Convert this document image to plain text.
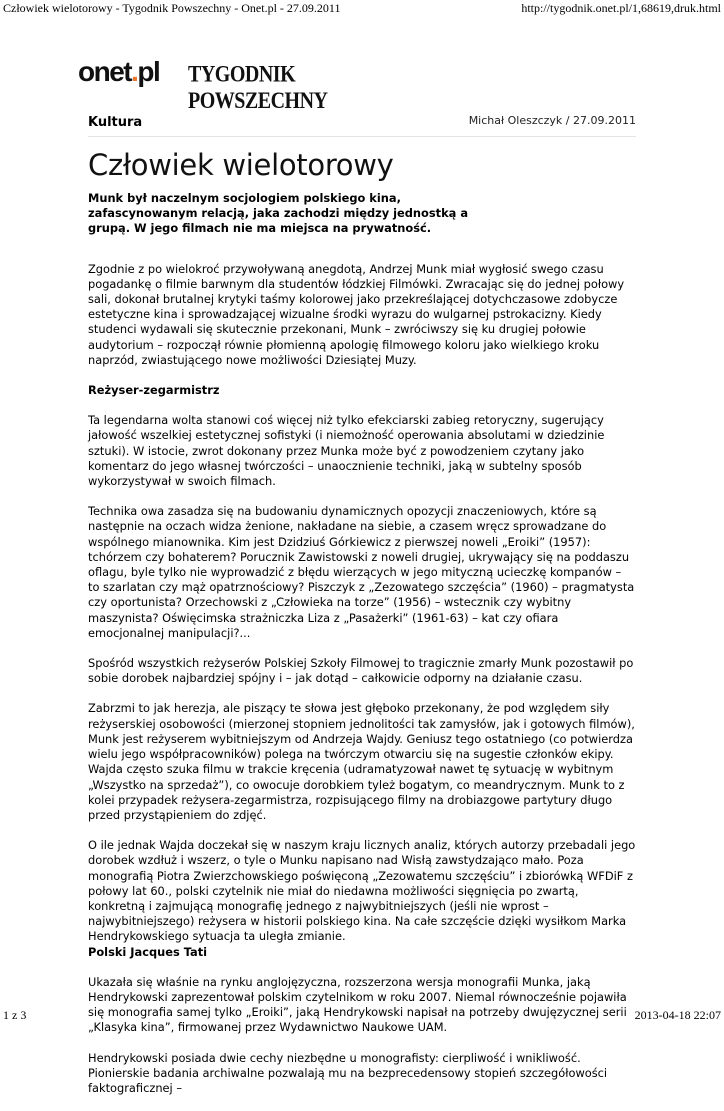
Człowiek wielotorowy - Tygodnik Powszechny - Onet.pl - 27.09.2011	http://tygodnik.onet.pl/1,68619,druk.html
onet.pl TYGODNIK POWSZECHNY
Kultura	Michał Oleszczyk / 27.09.2011
Człowiek wielotorowy

Munk był naczelnym socjologiem polskiego kina, zafascynowanym relacją, jaka zachodzi między jednostką a grupą. W jego filmach nie ma miejsca na prywatność.

Zgodnie z po wielokroć przywoływaną anegdotą, Andrzej Munk miał wygłosić swego czasu pogadankę o filmie barwnym dla studentów łódzkiej Filmówki. Zwracając się do jednej połowy sali, dokonał brutalnej krytyki taśmy kolorowej jako przekreślającej dotychczasowe zdobycze estetyczne kina i sprowadzającej wizualne środki wyrazu do wulgarnej pstrokacizny. Kiedy studenci wydawali się skutecznie przekonani, Munk – zwróciwszy się ku drugiej połowie audytorium – rozpoczął równie płomienną apologię filmowego koloru jako wielkiego kroku naprzód, zwiastującego nowe możliwości Dziesiątej Muzy.

Reżyser-zegarmistrz

Ta legendarna wolta stanowi coś więcej niż tylko efekciarski zabieg retoryczny, sugerujący jałowość wszelkiej estetycznej sofistyki (i niemożność operowania absolutami w dziedzinie sztuki). W istocie, zwrot dokonany przez Munka może być z powodzeniem czytany jako komentarz do jego własnej twórczości – unaocznienie techniki, jaką w subtelny sposób wykorzystywał w swoich filmach.

Technika owa zasadza się na budowaniu dynamicznych opozycji znaczeniowych, które są następnie na oczach widza żenione, nakładane na siebie, a czasem wręcz sprowadzane do wspólnego mianownika. Kim jest Dzidziuś Górkiewicz z pierwszej noweli „Eroiki” (1957): tchórzem czy bohaterem? Porucznik Zawistowski z noweli drugiej, ukrywający się na poddaszu oflagu, byle tylko nie wyprowadzić z błędu wierzących w jego mityczną ucieczkę kompanów – to szarlatan czy mąż opatrznościowy? Piszczyk z „Zezowatego szczęścia” (1960) – pragmatysta czy oportunista? Orzechowski z „Człowieka na torze” (1956) – wstecznik czy wybitny maszynista? Oświęcimska strażniczka Liza z „Pasażerki” (1961-63) – kat czy ofiara emocjonalnej manipulacji?...

Spośród wszystkich reżyserów Polskiej Szkoły Filmowej to tragicznie zmarły Munk pozostawił po sobie dorobek najbardziej spójny i – jak dotąd – całkowicie odporny na działanie czasu.

Zabrzmi to jak herezja, ale piszący te słowa jest głęboko przekonany, że pod względem siły reżyserskiej osobowości (mierzonej stopniem jednolitości tak zamysłów, jak i gotowych filmów), Munk jest reżyserem wybitniejszym od Andrzeja Wajdy. Geniusz tego ostatniego (co potwierdza wielu jego współpracowników) polega na twórczym otwarciu się na sugestie członków ekipy. Wajda często szuka filmu w trakcie kręcenia (udramatyzował nawet tę sytuację w wybitnym „Wszystko na sprzedaż”), co owocuje dorobkiem tyleż bogatym, co meandrycznym. Munk to z kolei przypadek reżysera-zegarmistrza, rozpisującego filmy na drobiazgowe partytury długo przed przystąpieniem do zdjęć.

O ile jednak Wajda doczekał się w naszym kraju licznych analiz, których autorzy przebadali jego dorobek wzdłuż i wszerz, o tyle o Munku napisano nad Wisłą zawstydzająco mało. Poza monografią Piotra Zwierzchowskiego poświęconą „Zezowatemu szczęściu” i zbiorówką WFDiF z połowy lat 60., polski czytelnik nie miał do niedawna możliwości sięgnięcia po zwartą, konkretną i zajmującą monografię jednego z najwybitniejszych (jeśli nie wprost – najwybitniejszego) reżysera w historii polskiego kina. Na całe szczęście dzięki wysiłkom Marka Hendrykowskiego sytuacja ta uległa zmianie.

Polski Jacques Tati

Ukazała się właśnie na rynku anglojęzyczna, rozszerzona wersja monografii Munka, jaką Hendrykowski zaprezentował polskim czytelnikom w roku 2007. Niemal równocześnie pojawiła się monografia samej tylko „Eroiki”, jaką Hendrykowski napisał na potrzeby dwujęzycznej serii „Klasyka kina”, firmowanej przez Wydawnictwo Naukowe UAM.

Hendrykowski posiada dwie cechy niezbędne u monografisty: cierpliwość i wnikliwość. Pionierskie badania archiwalne pozwalają mu na bezprecedensowy stopień szczegółowości faktograficznej –

1 z 3	2013-04-18 22:07
